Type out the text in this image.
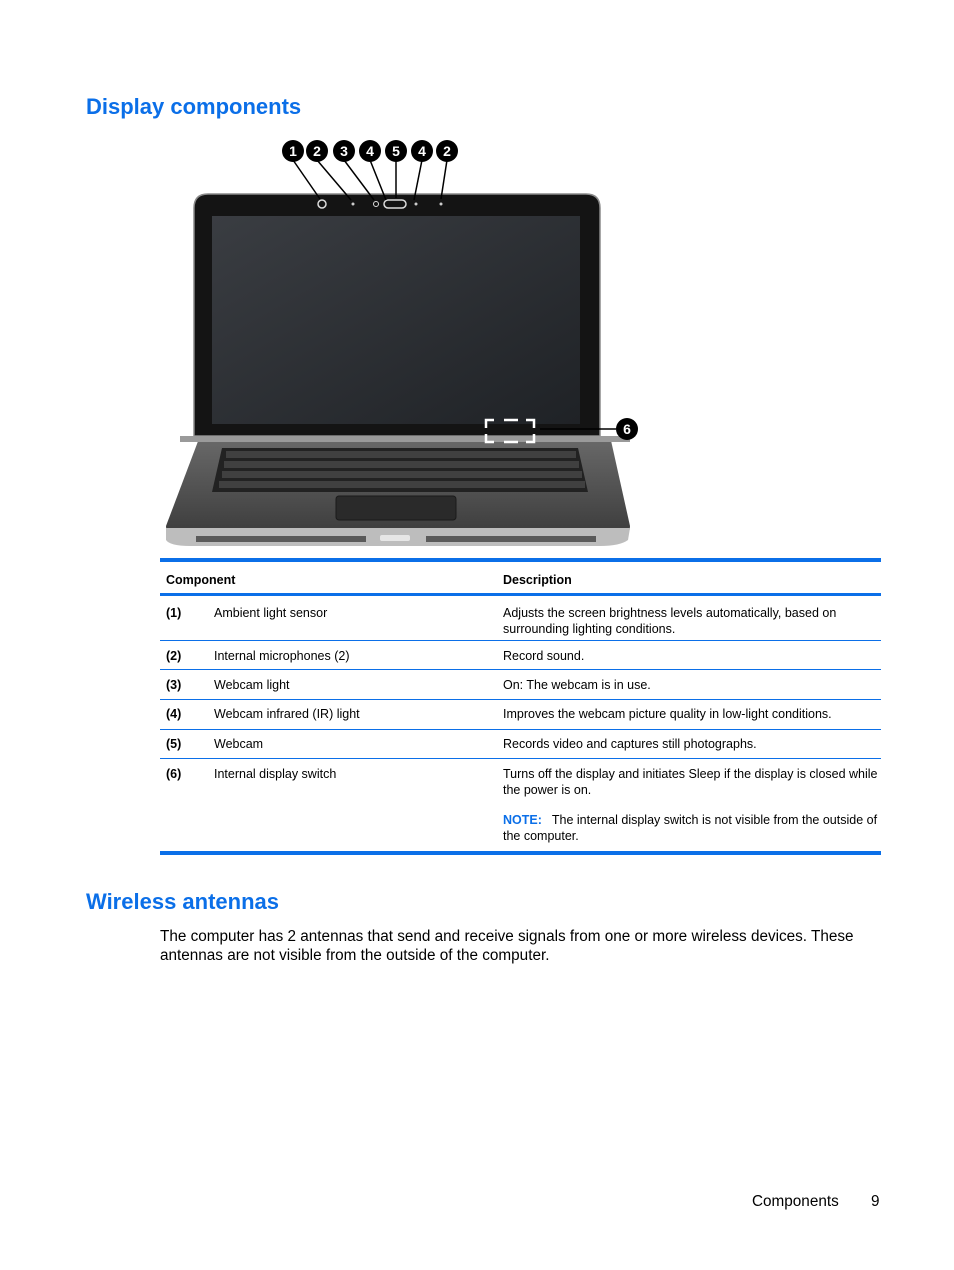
Display components
1 2 3 4 5 4 2
6
Component	Description
(1)	Ambient light sensor	Adjusts the screen brightness levels automatically, based on surrounding lighting conditions.
(2)	Internal microphones (2)	Record sound.
(3)	Webcam light	On: The webcam is in use.
(4)	Webcam infrared (IR) light	Improves the webcam picture quality in low-light conditions.
(5)	Webcam	Records video and captures still photographs.
(6)	Internal display switch	Turns off the display and initiates Sleep if the display is closed while the power is on.
NOTE: The internal display switch is not visible from the outside of the computer.
Wireless antennas

The computer has 2 antennas that send and receive signals from one or more wireless devices. These antennas are not visible from the outside of the computer.

Components 9
